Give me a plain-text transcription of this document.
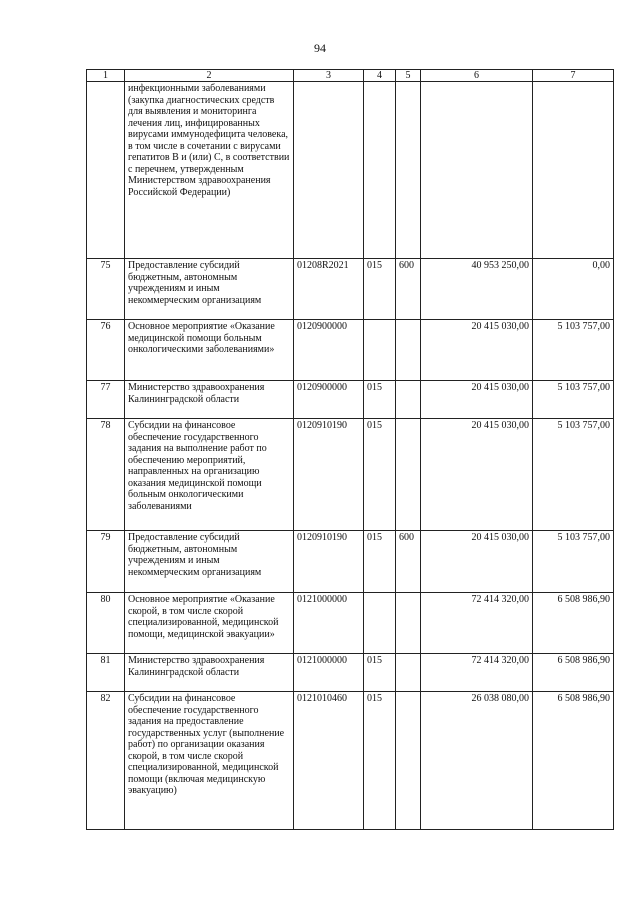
94
1	2	3	4	5	6	7
	инфекционными заболеваниями (закупка диагностических средств для выявления и мониторинга лечения лиц, инфицированных вирусами иммунодефицита человека, в том числе в сочетании с вирусами гепатитов В и (или) С, в соответствии с перечнем, утвержденным Министерством здравоохранения Российской Федерации)					
75	Предоставление субсидий бюджетным, автономным учреждениям и иным некоммерческим организациям	01208R2021	015	600	40 953 250,00	0,00
76	Основное мероприятие «Оказание медицинской помощи больным онкологическими заболеваниями»	0120900000			20 415 030,00	5 103 757,00
77	Министерство здравоохранения Калининградской области	0120900000	015		20 415 030,00	5 103 757,00
78	Субсидии на финансовое обеспечение государственного задания на выполнение работ по обеспечению мероприятий, направленных на организацию оказания медицинской помощи больным онкологическими заболеваниями	0120910190	015		20 415 030,00	5 103 757,00
79	Предоставление субсидий бюджетным, автономным учреждениям и иным некоммерческим организациям	0120910190	015	600	20 415 030,00	5 103 757,00
80	Основное мероприятие «Оказание скорой, в том числе скорой специализированной, медицинской помощи, медицинской эвакуации»	0121000000			72 414 320,00	6 508 986,90
81	Министерство здравоохранения Калининградской области	0121000000	015		72 414 320,00	6 508 986,90
82	Субсидии на финансовое обеспечение государственного задания на предоставление государственных услуг (выполнение работ) по организации оказания скорой, в том числе скорой специализированной, медицинской помощи (включая медицинскую эвакуацию)	0121010460	015		26 038 080,00	6 508 986,90
